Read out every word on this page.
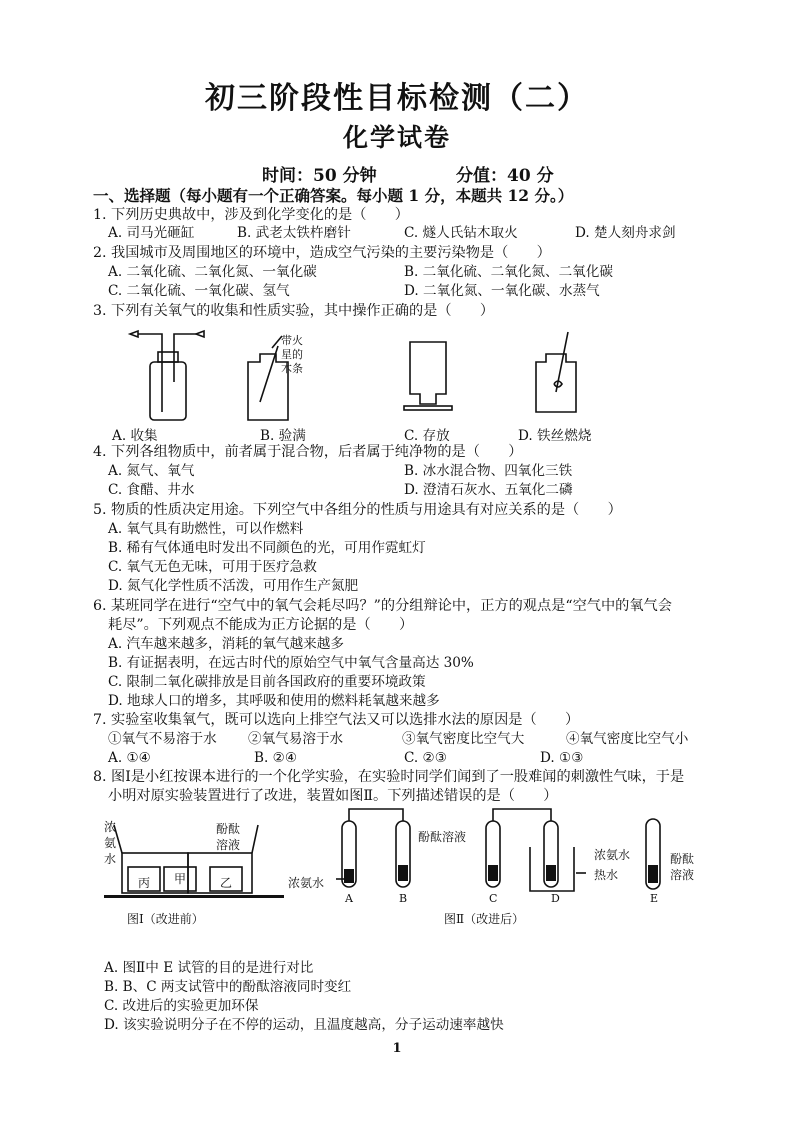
初三阶段性目标检测（二）
化学试卷
时间：50 分钟	分值：40 分
一、选择题（每小题有一个正确答案。每小题 1 分，本题共 12 分。）
1. 下列历史典故中，涉及到化学变化的是（　　）
A. 司马光砸缸	B. 武老太铁杵磨针	C. 燧人氏钻木取火	D. 楚人刻舟求剑
2. 我国城市及周围地区的环境中，造成空气污染的主要污染物是（　　）
A. 二氧化硫、二氧化氮、一氧化碳	B. 二氧化硫、二氧化氮、二氧化碳
C. 二氧化硫、一氧化碳、氢气	D. 二氧化氮、一氧化碳、水蒸气
3. 下列有关氧气的收集和性质实验，其中操作正确的是（　　）
带火
星的
木条
A. 收集	B. 验满	C. 存放	D. 铁丝燃烧
4. 下列各组物质中，前者属于混合物，后者属于纯净物的是（　　）
A. 氮气、氧气	B. 冰水混合物、四氧化三铁
C. 食醋、井水	D. 澄清石灰水、五氧化二磷
5. 物质的性质决定用途。下列空气中各组分的性质与用途具有对应关系的是（　　）
A. 氧气具有助燃性，可以作燃料
B. 稀有气体通电时发出不同颜色的光，可用作霓虹灯
C. 氧气无色无味，可用于医疗急救
D. 氮气化学性质不活泼，可用作生产氮肥
6. 某班同学在进行“空气中的氧气会耗尽吗？”的分组辩论中，正方的观点是“空气中的氧气会
耗尽”。下列观点不能成为正方论据的是（　　）
A. 汽车越来越多，消耗的氧气越来越多
B. 有证据表明，在远古时代的原始空气中氧气含量高达 30%
C. 限制二氧化碳排放是目前各国政府的重要环境政策
D. 地球人口的增多，其呼吸和使用的燃料耗氧越来越多
7. 实验室收集氧气，既可以选向上排空气法又可以选排水法的原因是（　　）
①氧气不易溶于水 ②氧气易溶于水	③氧气密度比空气大	④氧气密度比空气小
A. ①④	B. ②④	C. ②③	D. ①③
8. 图Ⅰ是小红按课本进行的一个化学实验，在实验时同学们闻到了一股难闻的刺激性气味，于是
小明对原实验装置进行了改进，装置如图Ⅱ。下列描述错误的是（　　）
浓
氨
水
酚酞
溶液
丙 甲	乙
图Ⅰ（改进前）
浓氨水
酚酞溶液
浓氨水
热水
酚酞
溶液
A	B	C	D	E
图Ⅱ（改进后）
A. 图Ⅱ中 E 试管的目的是进行对比
B. B、C 两支试管中的酚酞溶液同时变红
C. 改进后的实验更加环保
D. 该实验说明分子在不停的运动，且温度越高，分子运动速率越快
1
